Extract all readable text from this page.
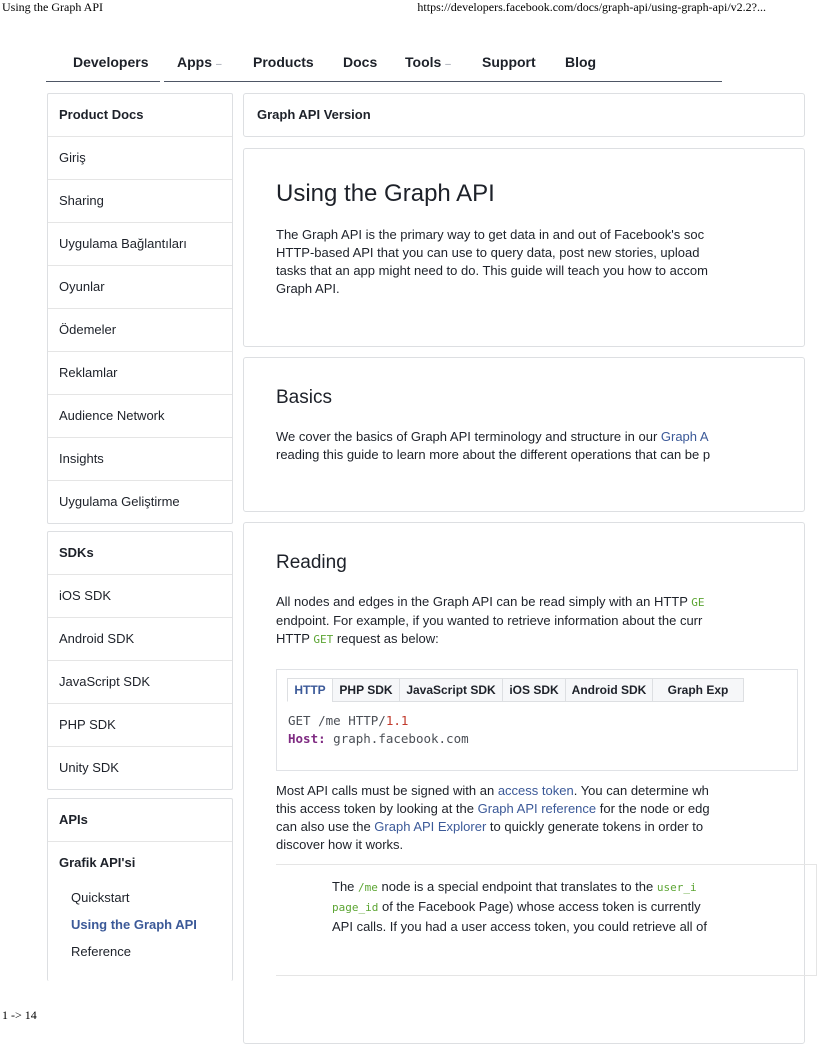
Using the Graph API	https://developers.facebook.com/docs/graph-api/using-graph-api/v2.2?...
1 -> 14
Developers Apps – Products Docs Tools – Support Blog
Product Docs
Giriş
Sharing
Uygulama Bağlantıları
Oyunlar
Ödemeler
Reklamlar
Audience Network
Insights
Uygulama Geliştirme
SDKs
iOS SDK
Android SDK
JavaScript SDK
PHP SDK
Unity SDK
APIs
Grafik API'si
Quickstart
Using the Graph API
Reference
Graph API Version
Using the Graph API
The Graph API is the primary way to get data in and out of Facebook's soc
HTTP-based API that you can use to query data, post new stories, upload
tasks that an app might need to do. This guide will teach you how to accom
Graph API.
Basics
We cover the basics of Graph API terminology and structure in our Graph A
reading this guide to learn more about the different operations that can be p
Reading
All nodes and edges in the Graph API can be read simply with an HTTP GE
endpoint. For example, if you wanted to retrieve information about the curr
HTTP GET request as below:
HTTP	PHP SDK	JavaScript SDK	iOS SDK	Android SDK	Graph Exp
GET /me HTTP/1.1
Host: graph.facebook.com
Most API calls must be signed with an access token. You can determine wh
this access token by looking at the Graph API reference for the node or edg
can also use the Graph API Explorer to quickly generate tokens in order to
discover how it works.
The /me node is a special endpoint that translates to the user_i
page_id of the Facebook Page) whose access token is currently
API calls. If you had a user access token, you could retrieve all of
